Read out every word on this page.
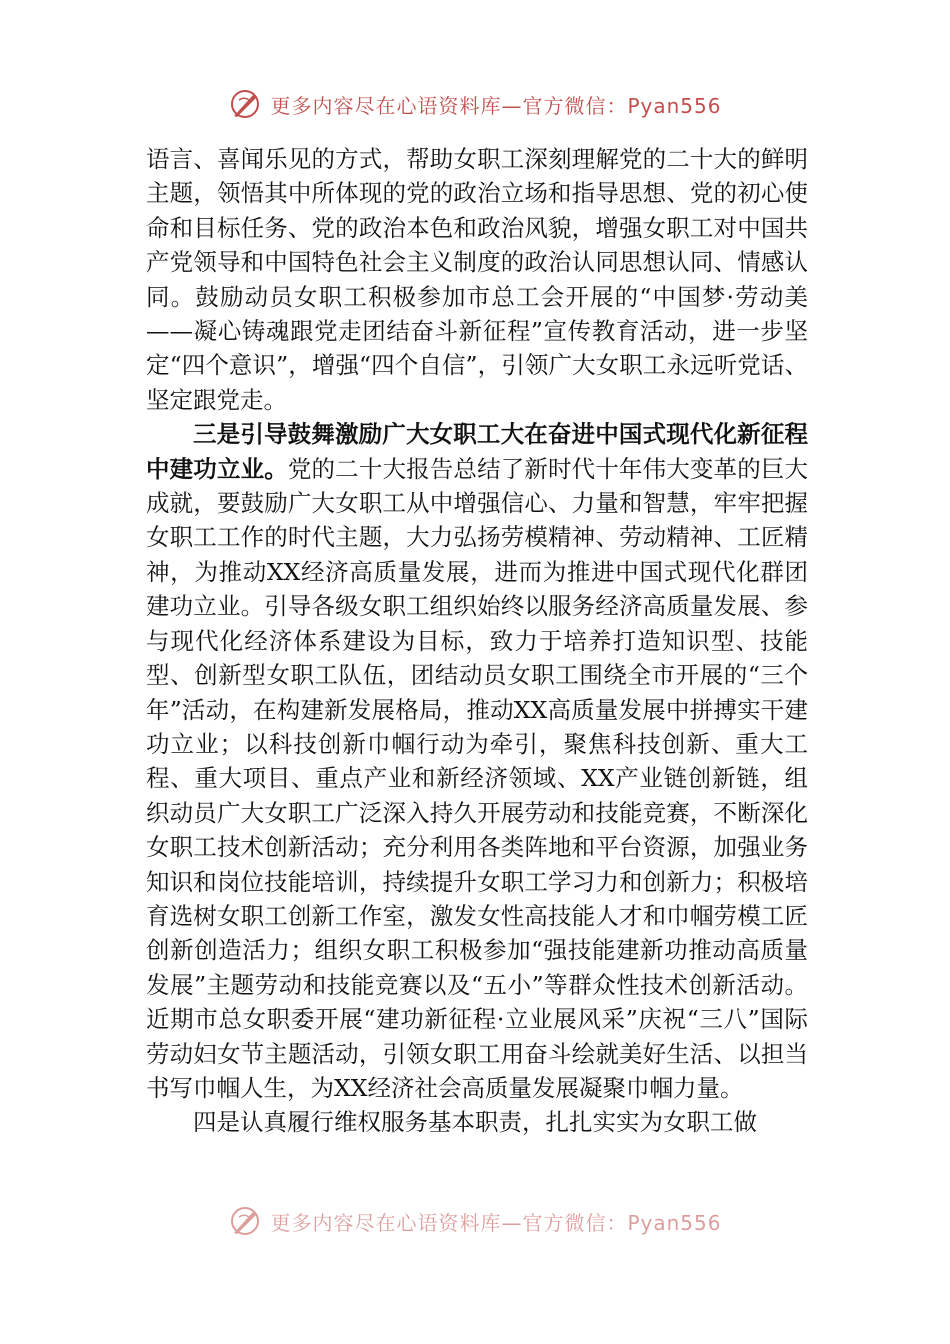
更多内容尽在心语资料库—官方微信：Pyan556

语言、喜闻乐见的方式，帮助女职工深刻理解党的二十大的鲜明主题，领悟其中所体现的党的政治立场和指导思想、党的初心使命和目标任务、党的政治本色和政治风貌，增强女职工对中国共产党领导和中国特色社会主义制度的政治认同思想认同、情感认同。鼓励动员女职工积极参加市总工会开展的“中国梦·劳动美——凝心铸魂跟党走团结奋斗新征程”宣传教育活动，进一步坚定“四个意识”，增强“四个自信”，引领广大女职工永远听党话、坚定跟党走。

三是引导鼓舞激励广大女职工大在奋进中国式现代化新征程中建功立业。党的二十大报告总结了新时代十年伟大变革的巨大成就，要鼓励广大女职工从中增强信心、力量和智慧，牢牢把握女职工工作的时代主题，大力弘扬劳模精神、劳动精神、工匠精神，为推动XX经济高质量发展，进而为推进中国式现代化群团建功立业。引导各级女职工组织始终以服务经济高质量发展、参与现代化经济体系建设为目标，致力于培养打造知识型、技能型、创新型女职工队伍，团结动员女职工围绕全市开展的“三个年”活动，在构建新发展格局，推动XX高质量发展中拼搏实干建功立业；以科技创新巾帼行动为牵引，聚焦科技创新、重大工程、重大项目、重点产业和新经济领域、XX产业链创新链，组织动员广大女职工广泛深入持久开展劳动和技能竞赛，不断深化女职工技术创新活动；充分利用各类阵地和平台资源，加强业务知识和岗位技能培训，持续提升女职工学习力和创新力；积极培育选树女职工创新工作室，激发女性高技能人才和巾帼劳模工匠创新创造活力；组织女职工积极参加“强技能建新功推动高质量发展”主题劳动和技能竞赛以及“五小”等群众性技术创新活动。近期市总女职委开展“建功新征程·立业展风采”庆祝“三八”国际劳动妇女节主题活动，引领女职工用奋斗绘就美好生活、以担当书写巾帼人生，为XX经济社会高质量发展凝聚巾帼力量。

四是认真履行维权服务基本职责，扎扎实实为女职工做

更多内容尽在心语资料库—官方微信：Pyan556
